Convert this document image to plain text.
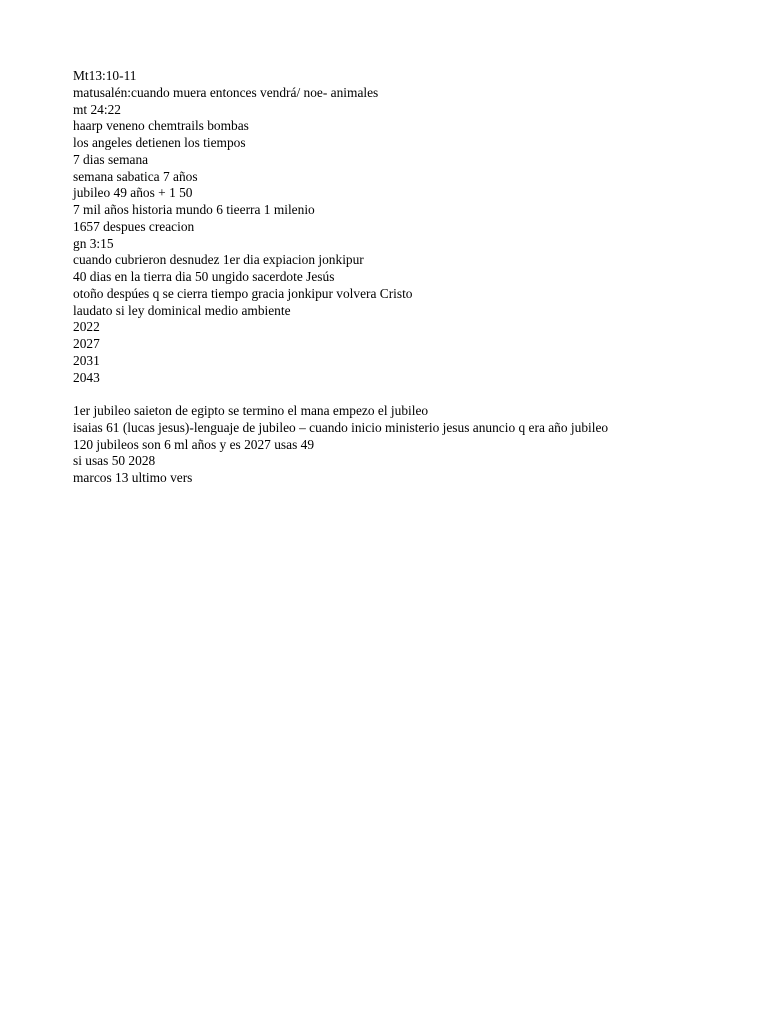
Mt13:10-11
matusalén:cuando muera entonces vendrá/ noe- animales
mt 24:22
haarp veneno chemtrails bombas
los angeles detienen los tiempos
7 dias semana
semana sabatica 7 años
jubileo 49 años + 1 50
7 mil años historia mundo 6 tieerra 1 milenio
1657 despues creacion
gn 3:15
cuando cubrieron desnudez 1er dia expiacion jonkipur
40 dias en la tierra dia 50 ungido sacerdote Jesús
otoño despúes q se cierra tiempo gracia jonkipur volvera Cristo
laudato si ley dominical medio ambiente
2022
2027
2031
2043
1er jubileo saieton de egipto se termino el mana empezo el jubileo
isaias 61 (lucas jesus)-lenguaje de jubileo – cuando inicio ministerio jesus anuncio q era año jubileo
120 jubileos son 6 ml años y es 2027 usas 49
si usas 50 2028
marcos 13 ultimo vers
